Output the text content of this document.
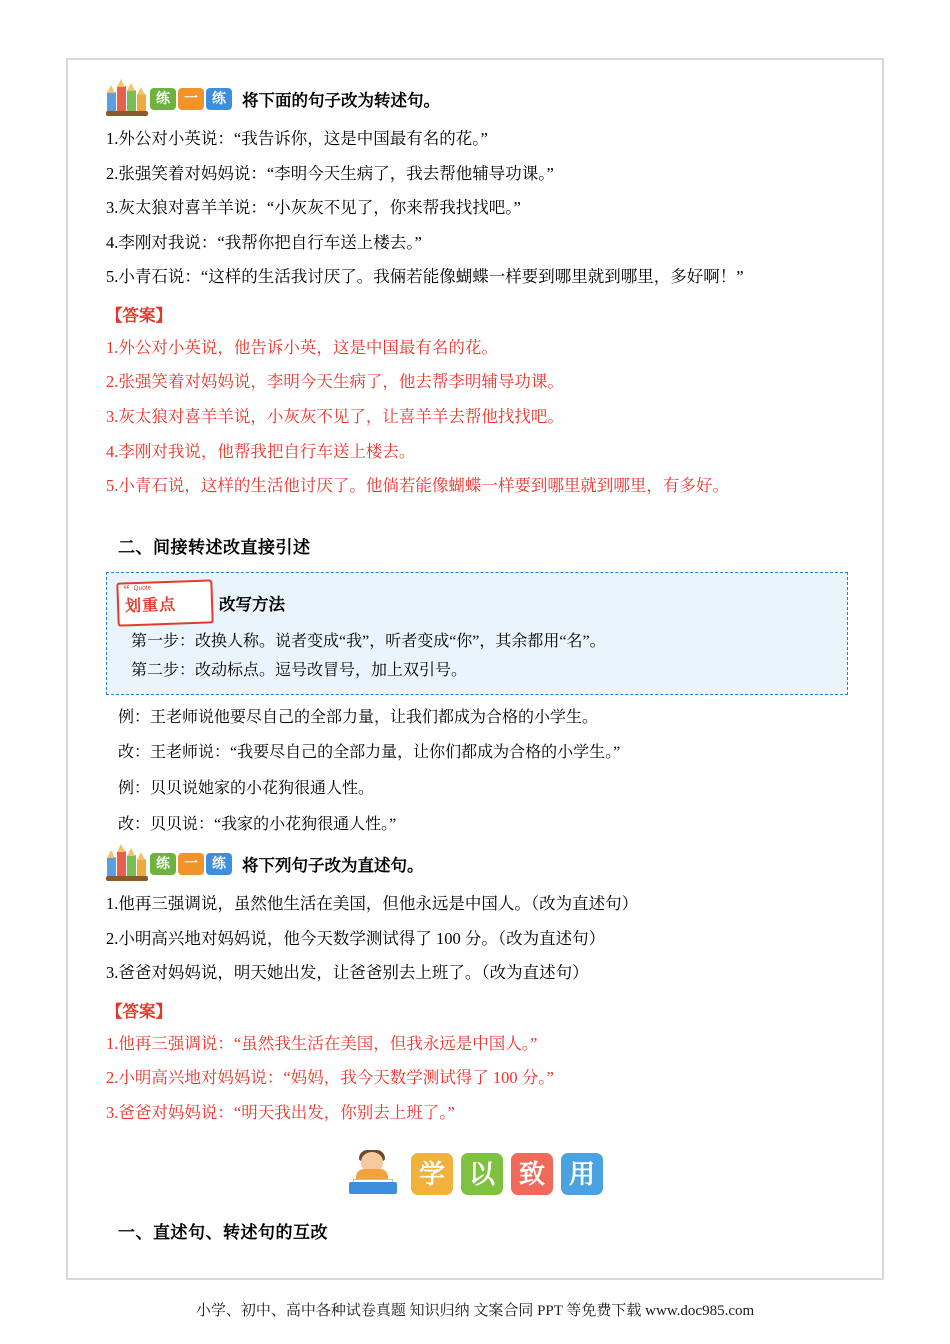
练	一	练 将下面的句子改为转述句。
1.外公对小英说：“我告诉你，这是中国最有名的花。”
2.张强笑着对妈妈说：“李明今天生病了，我去帮他辅导功课。”
3.灰太狼对喜羊羊说：“小灰灰不见了，你来帮我找找吧。”
4.李刚对我说：“我帮你把自行车送上楼去。”
5.小青石说：“这样的生活我讨厌了。我倆若能像蝴蝶一样要到哪里就到哪里，多好啊！”
【答案】
1.外公对小英说，他告诉小英，这是中国最有名的花。
2.张强笑着对妈妈说，李明今天生病了，他去帮李明辅导功课。
3.灰太狼对喜羊羊说，小灰灰不见了，让喜羊羊去帮他找找吧。
4.李刚对我说，他帮我把自行车送上楼去。
5.小青石说，这样的生活他讨厌了。他倘若能像蝴蝶一样要到哪里就到哪里，有多好。
二、间接转述改直接引述
“ Quote
划重点	改写方法
第一步：改换人称。说者变成“我”，听者变成“你”，其余都用“名”。
第二步：改动标点。逗号改冒号，加上双引号。
例：王老师说他要尽自己的全部力量，让我们都成为合格的小学生。
改：王老师说：“我要尽自己的全部力量，让你们都成为合格的小学生。”
例：贝贝说她家的小花狗很通人性。
改：贝贝说：“我家的小花狗很通人性。”
练	一	练 将下列句子改为直述句。
1.他再三强调说，虽然他生活在美国，但他永远是中国人。（改为直述句）
2.小明高兴地对妈妈说，他今天数学测试得了 100 分。（改为直述句）
3.爸爸对妈妈说，明天她出发，让爸爸别去上班了。（改为直述句）
【答案】
1.他再三强调说：“虽然我生活在美国，但我永远是中国人。”
2.小明高兴地对妈妈说：“妈妈，我今天数学测试得了 100 分。”
3.爸爸对妈妈说：“明天我出发，你别去上班了。”
学 以 致 用
一、直述句、转述句的互改
小学、初中、高中各种试卷真题 知识归纳 文案合同 PPT 等免费下载 www.doc985.com
